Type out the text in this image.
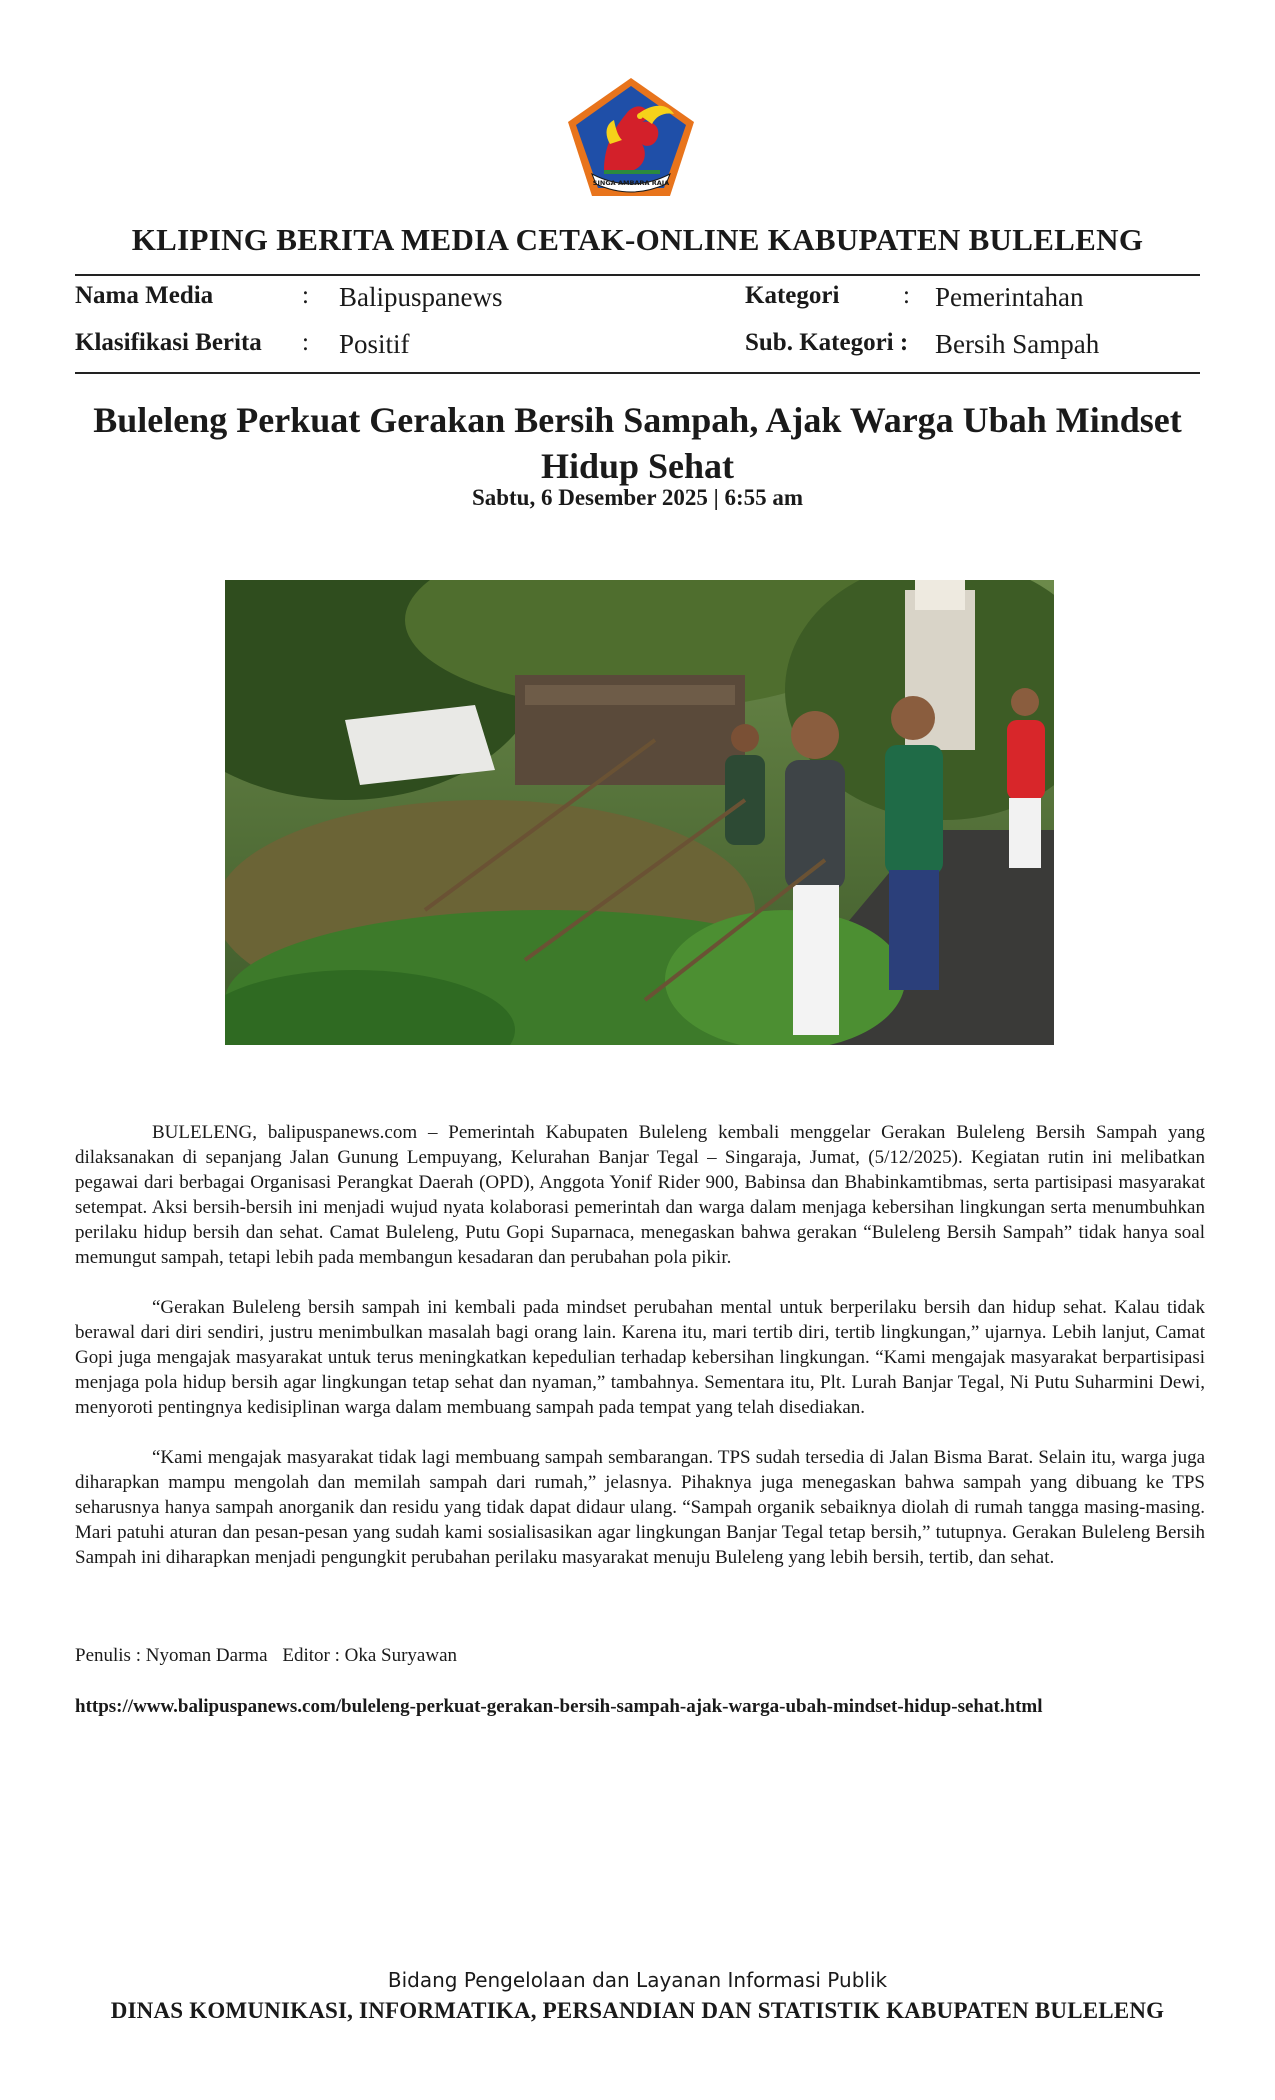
SINGA AMBARA RAJA
KLIPING BERITA MEDIA CETAK-ONLINE KABUPATEN BULELENG
Nama Media	: Balipuspanews	Kategori	: Pemerintahan
Klasifikasi Berita : Positif	Sub. Kategori : Bersih Sampah
Buleleng Perkuat Gerakan Bersih Sampah, Ajak Warga Ubah Mindset Hidup Sehat
Sabtu, 6 Desember 2025 | 6:55 am

BULELENG, balipuspanews.com – Pemerintah Kabupaten Buleleng kembali menggelar Gerakan Buleleng Bersih Sampah yang dilaksanakan di sepanjang Jalan Gunung Lempuyang, Kelurahan Banjar Tegal – Singaraja, Jumat, (5/12/2025). Kegiatan rutin ini melibatkan pegawai dari berbagai Organisasi Perangkat Daerah (OPD), Anggota Yonif Rider 900, Babinsa dan Bhabinkamtibmas, serta partisipasi masyarakat setempat. Aksi bersih-bersih ini menjadi wujud nyata kolaborasi pemerintah dan warga dalam menjaga kebersihan lingkungan serta menumbuhkan perilaku hidup bersih dan sehat. Camat Buleleng, Putu Gopi Suparnaca, menegaskan bahwa gerakan “Buleleng Bersih Sampah” tidak hanya soal memungut sampah, tetapi lebih pada membangun kesadaran dan perubahan pola pikir.

“Gerakan Buleleng bersih sampah ini kembali pada mindset perubahan mental untuk berperilaku bersih dan hidup sehat. Kalau tidak berawal dari diri sendiri, justru menimbulkan masalah bagi orang lain. Karena itu, mari tertib diri, tertib lingkungan,” ujarnya. Lebih lanjut, Camat Gopi juga mengajak masyarakat untuk terus meningkatkan kepedulian terhadap kebersihan lingkungan. “Kami mengajak masyarakat berpartisipasi menjaga pola hidup bersih agar lingkungan tetap sehat dan nyaman,” tambahnya. Sementara itu, Plt. Lurah Banjar Tegal, Ni Putu Suharmini Dewi, menyoroti pentingnya kedisiplinan warga dalam membuang sampah pada tempat yang telah disediakan.

“Kami mengajak masyarakat tidak lagi membuang sampah sembarangan. TPS sudah tersedia di Jalan Bisma Barat. Selain itu, warga juga diharapkan mampu mengolah dan memilah sampah dari rumah,” jelasnya. Pihaknya juga menegaskan bahwa sampah yang dibuang ke TPS seharusnya hanya sampah anorganik dan residu yang tidak dapat didaur ulang. “Sampah organik sebaiknya diolah di rumah tangga masing-masing. Mari patuhi aturan dan pesan-pesan yang sudah kami sosialisasikan agar lingkungan Banjar Tegal tetap bersih,” tutupnya. Gerakan Buleleng Bersih Sampah ini diharapkan menjadi pengungkit perubahan perilaku masyarakat menuju Buleleng yang lebih bersih, tertib, dan sehat.

Penulis : Nyoman Darma Editor : Oka Suryawan
https://www.balipuspanews.com/buleleng-perkuat-gerakan-bersih-sampah-ajak-warga-ubah-mindset-hidup-sehat.html
Bidang Pengelolaan dan Layanan Informasi Publik
DINAS KOMUNIKASI, INFORMATIKA, PERSANDIAN DAN STATISTIK KABUPATEN BULELENG
